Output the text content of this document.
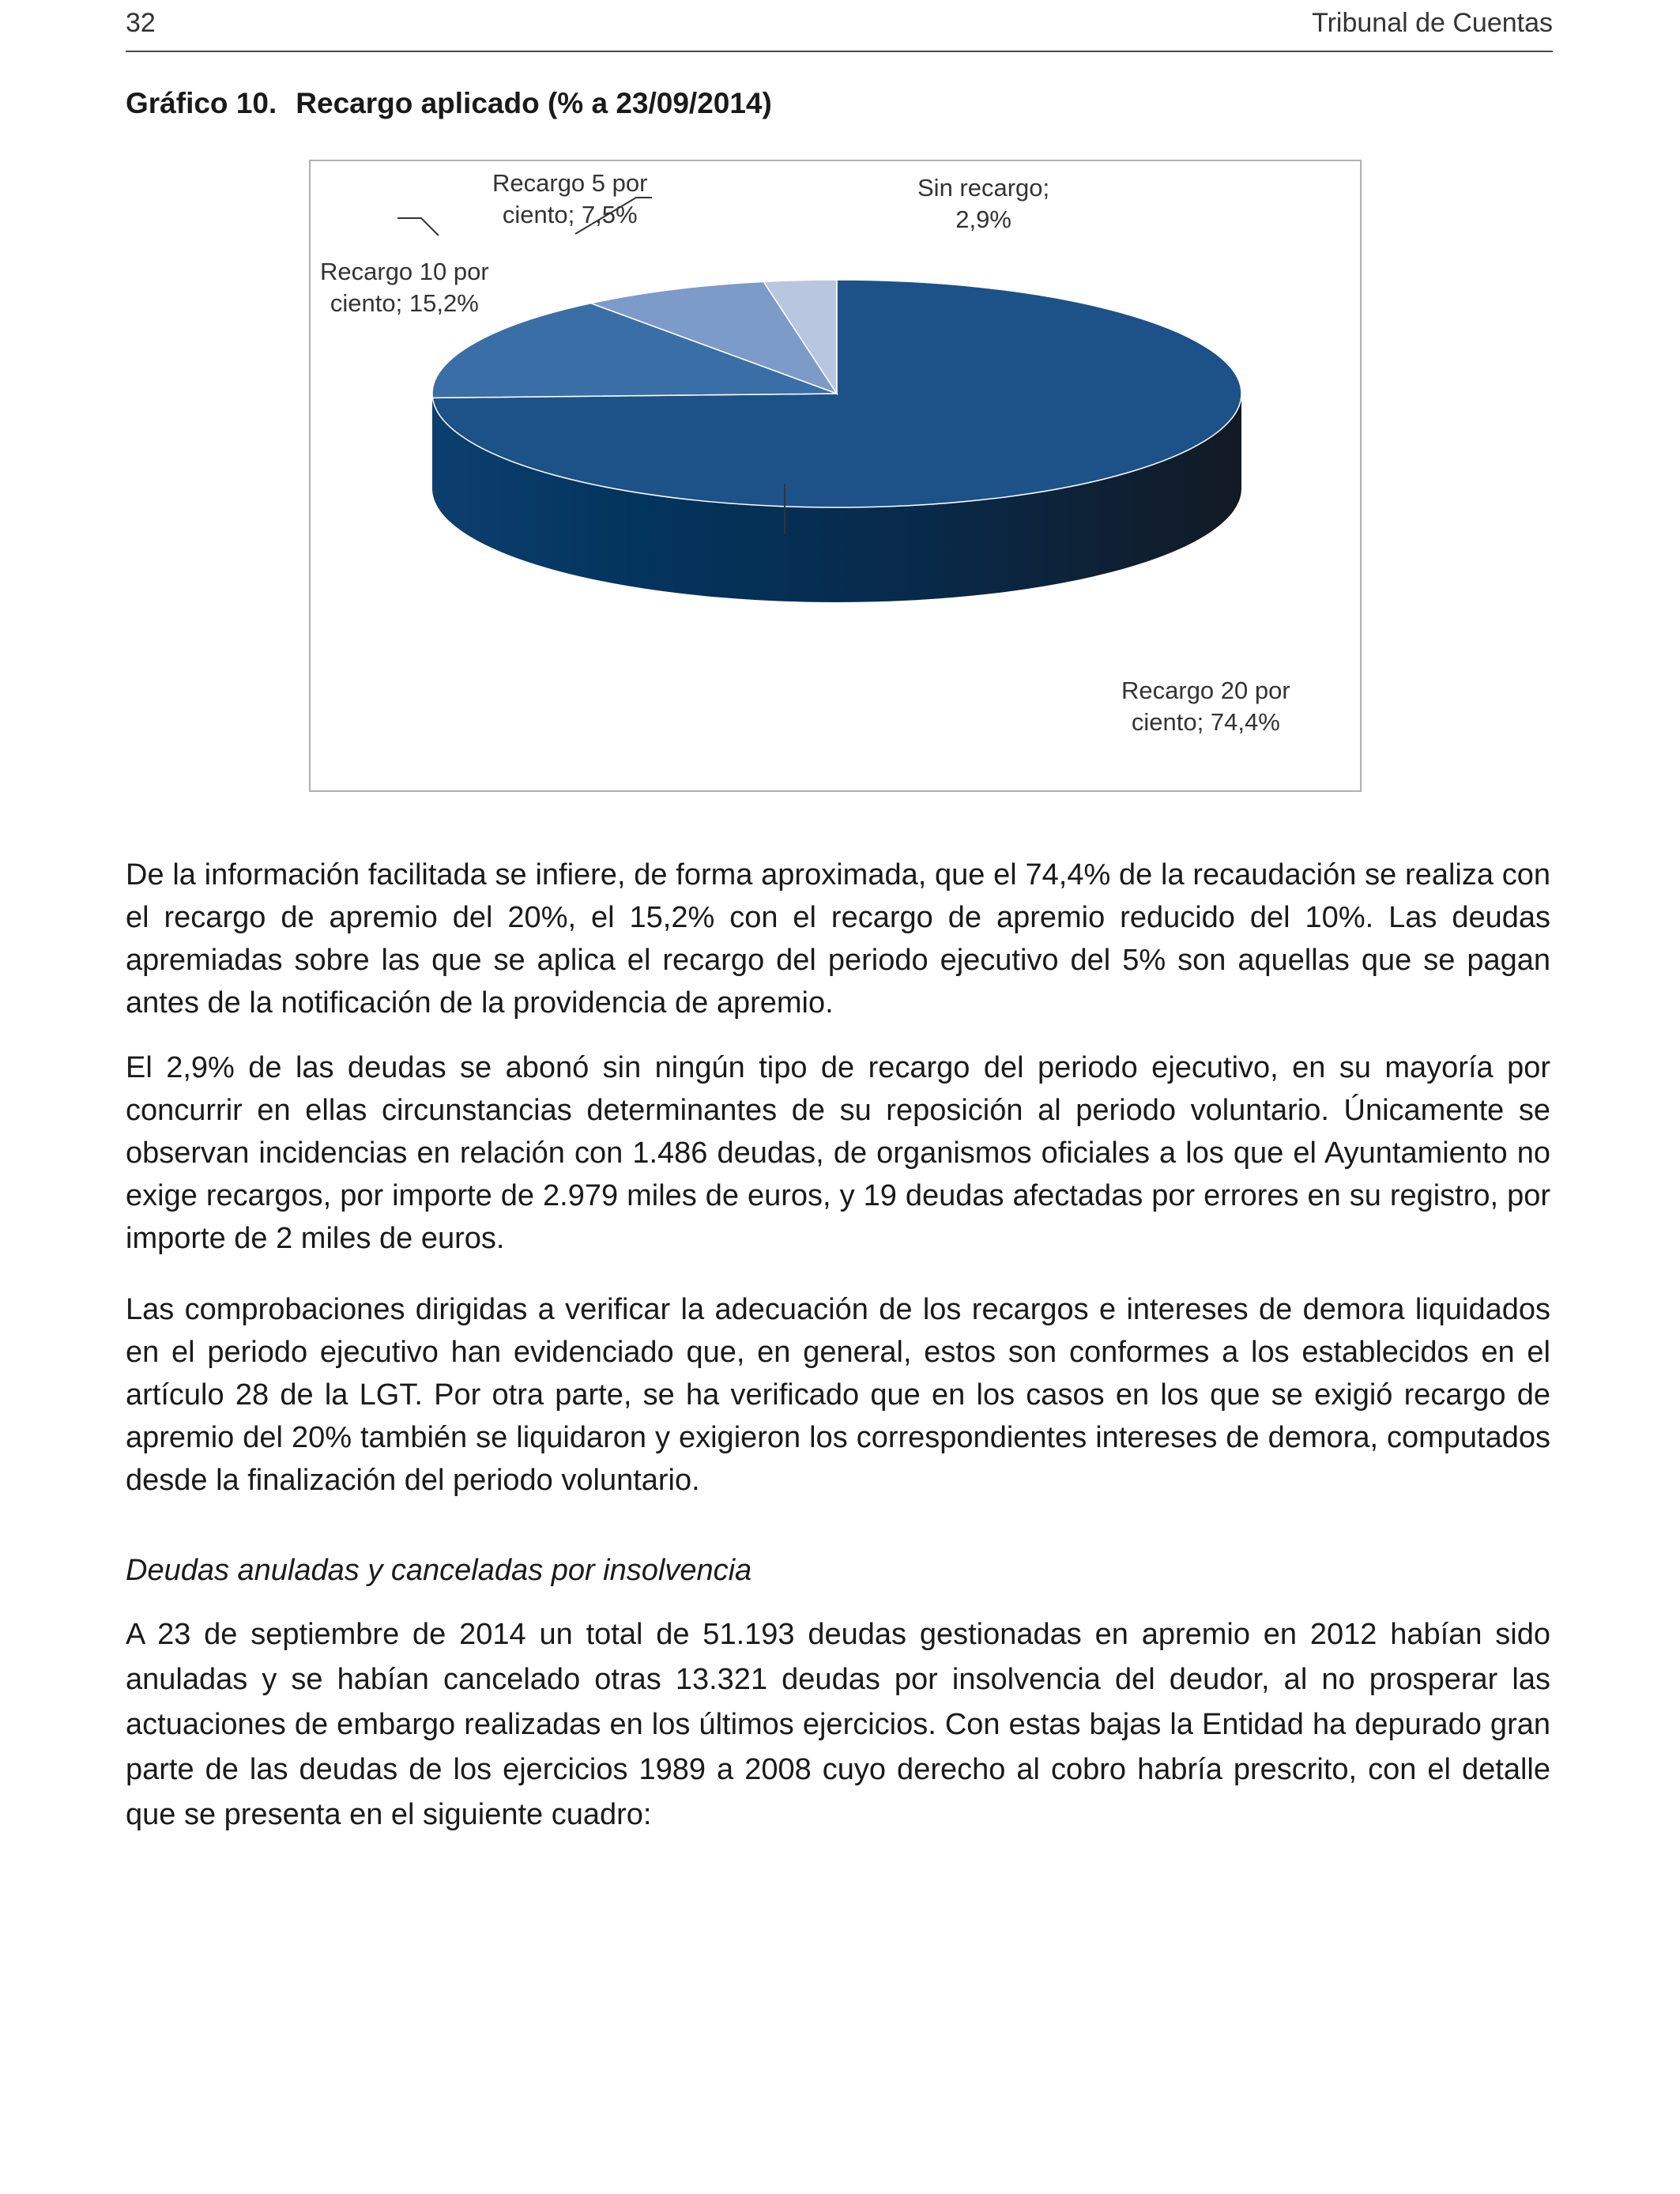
32	Tribunal de Cuentas
Gráfico 10. Recargo aplicado (% a 23/09/2014)
Recargo 20 por
ciento; 74,4%
Recargo 10 por
ciento; 15,2%
Recargo 5 por
ciento; 7,5%
Sin recargo;
2,9%

De la información facilitada se infiere, de forma aproximada, que el 74,4% de la recaudación se realiza con el recargo de apremio del 20%, el 15,2% con el recargo de apremio reducido del 10%. Las deudas apremiadas sobre las que se aplica el recargo del periodo ejecutivo del 5% son aquellas que se pagan antes de la notificación de la providencia de apremio.

El 2,9% de las deudas se abonó sin ningún tipo de recargo del periodo ejecutivo, en su mayoría por concurrir en ellas circunstancias determinantes de su reposición al periodo voluntario. Únicamente se observan incidencias en relación con 1.486 deudas, de organismos oficiales a los que el Ayuntamiento no exige recargos, por importe de 2.979 miles de euros, y 19 deudas afectadas por errores en su registro, por importe de 2 miles de euros.

Las comprobaciones dirigidas a verificar la adecuación de los recargos e intereses de demora liquidados en el periodo ejecutivo han evidenciado que, en general, estos son conformes a los establecidos en el artículo 28 de la LGT. Por otra parte, se ha verificado que en los casos en los que se exigió recargo de apremio del 20% también se liquidaron y exigieron los correspondientes intereses de demora, computados desde la finalización del periodo voluntario.

Deudas anuladas y canceladas por insolvencia

A 23 de septiembre de 2014 un total de 51.193 deudas gestionadas en apremio en 2012 habían sido anuladas y se habían cancelado otras 13.321 deudas por insolvencia del deudor, al no prosperar las actuaciones de embargo realizadas en los últimos ejercicios. Con estas bajas la Entidad ha depurado gran parte de las deudas de los ejercicios 1989 a 2008 cuyo derecho al cobro habría prescrito, con el detalle que se presenta en el siguiente cuadro:
